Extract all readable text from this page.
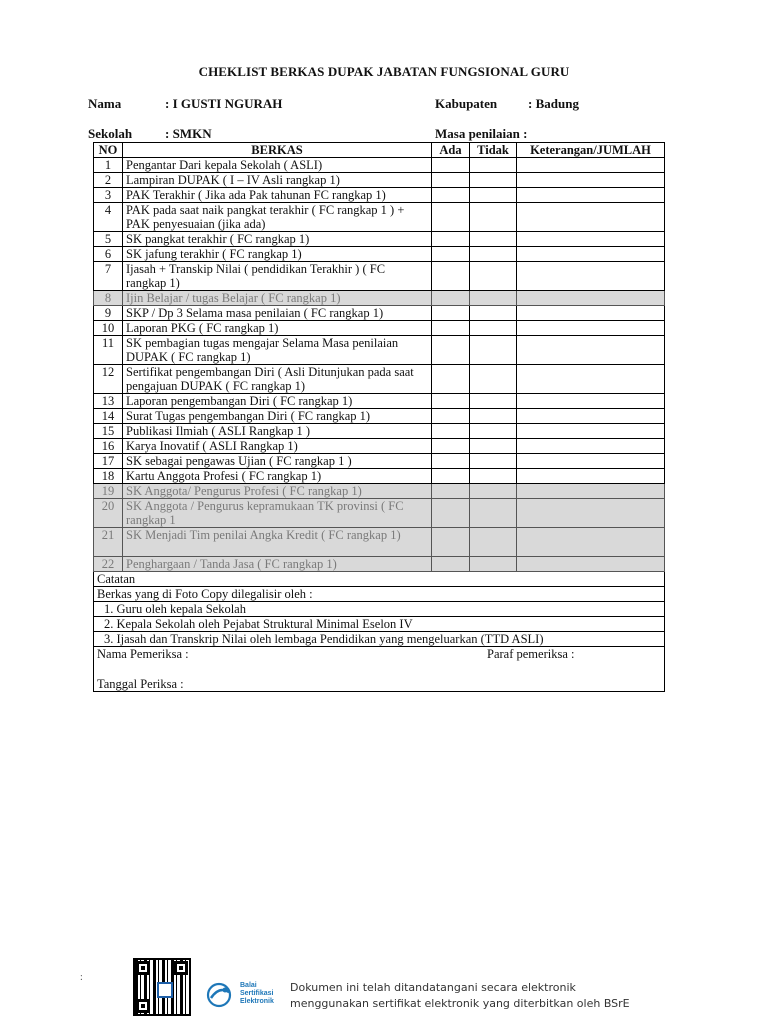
CHEKLIST BERKAS DUPAK JABATAN FUNGSIONAL GURU
Nama	: I GUSTI NGURAH	Kabupaten : Badung
Sekolah	: SMKN	Masa penilaian :
NO	BERKAS	Ada	Tidak	Keterangan/JUMLAH
1	Pengantar Dari kepala Sekolah ( ASLI)			
2	Lampiran DUPAK ( I – IV Asli rangkap 1)			
3	PAK Terakhir ( Jika ada Pak tahunan FC rangkap 1)			
4	PAK pada saat naik pangkat terakhir ( FC rangkap 1 ) + PAK penyesuaian (jika ada)			
5	SK pangkat terakhir ( FC rangkap 1)			
6	SK jafung terakhir ( FC rangkap 1)			
7	Ijasah + Transkip Nilai ( pendidikan Terakhir ) ( FC rangkap 1)			
8	Ijin Belajar / tugas Belajar ( FC rangkap 1)			
9	SKP / Dp 3 Selama masa penilaian ( FC rangkap 1)			
10	Laporan PKG ( FC rangkap 1)			
11	SK pembagian tugas mengajar Selama Masa penilaian DUPAK ( FC rangkap 1)			
12	Sertifikat pengembangan Diri ( Asli Ditunjukan pada saat pengajuan DUPAK ( FC rangkap 1)			
13	Laporan pengembangan Diri ( FC rangkap 1)			
14	Surat Tugas pengembangan Diri ( FC rangkap 1)			
15	Publikasi Ilmiah ( ASLI Rangkap 1 )			
16	Karya Inovatif ( ASLI Rangkap 1)			
17	SK sebagai pengawas Ujian ( FC rangkap 1 )			
18	Kartu Anggota Profesi ( FC rangkap 1)			
19	SK Anggota/ Pengurus Profesi ( FC rangkap 1)			
20	SK Anggota / Pengurus kepramukaan TK provinsi ( FC rangkap 1			
21	SK Menjadi Tim penilai Angka Kredit ( FC rangkap 1)			
22	Penghargaan / Tanda Jasa ( FC rangkap 1)			
Catatan				
Berkas yang di Foto Copy dilegalisir oleh :				
1. Guru oleh kepala Sekolah				
2. Kepala Sekolah oleh Pejabat Struktural Minimal Eselon IV				
3. Ijasah dan Transkrip Nilai oleh lembaga Pendidikan yang mengeluarkan (TTD ASLI)				

Nama Pemeriksa : Paraf pemeriksa :
Tanggal Periksa :				
:
Balai
Sertifikasi
Elektronik
Dokumen ini telah ditandatangani secara elektronik
menggunakan sertifikat elektronik yang diterbitkan oleh BSrE
